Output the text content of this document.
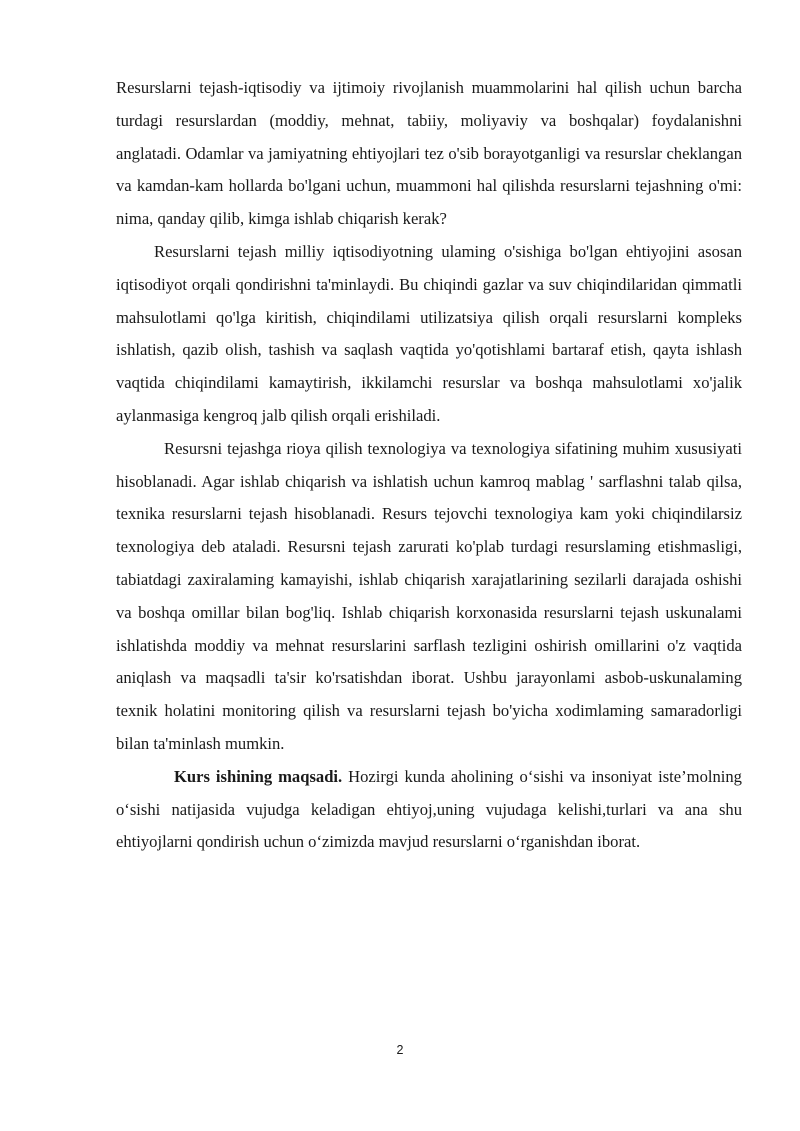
Resurslarni tejash-iqtisodiy va ijtimoiy rivojlanish muammolarini hal qilish uchun barcha turdagi resurslardan (moddiy, mehnat, tabiiy, moliyaviy va boshqalar) foydalanishni anglatadi. Odamlar va jamiyatning ehtiyojlari tez o'sib borayotganligi va resurslar cheklangan va kamdan-kam hollarda bo'lgani uchun, muammoni hal qilishda resurslarni tejashning o'mi: nima, qanday qilib, kimga ishlab chiqarish kerak?

Resurslarni tejash milliy iqtisodiyotning ulaming o'sishiga bo'lgan ehtiyojini asosan iqtisodiyot orqali qondirishni ta'minlaydi. Bu chiqindi gazlar va suv chiqindilaridan qimmatli mahsulotlami qo'lga kiritish, chiqindilami utilizatsiya qilish orqali resurslarni kompleks ishlatish, qazib olish, tashish va saqlash vaqtida yo'qotishlami bartaraf etish, qayta ishlash vaqtida chiqindilami kamaytirish, ikkilamchi resurslar va boshqa mahsulotlami xo'jalik aylanmasiga kengroq jalb qilish orqali erishiladi.

Resursni tejashga rioya qilish texnologiya va texnologiya sifatining muhim xususiyati hisoblanadi. Agar ishlab chiqarish va ishlatish uchun kamroq mablag ' sarflashni talab qilsa, texnika resurslarni tejash hisoblanadi. Resurs tejovchi texnologiya kam yoki chiqindilarsiz texnologiya deb ataladi. Resursni tejash zarurati ko'plab turdagi resurslaming etishmasligi, tabiatdagi zaxiralaming kamayishi, ishlab chiqarish xarajatlarining sezilarli darajada oshishi va boshqa omillar bilan bog'liq. Ishlab chiqarish korxonasida resurslarni tejash uskunalami ishlatishda moddiy va mehnat resurslarini sarflash tezligini oshirish omillarini o'z vaqtida aniqlash va maqsadli ta'sir ko'rsatishdan iborat. Ushbu jarayonlami asbob-uskunalaming texnik holatini monitoring qilish va resurslarni tejash bo'yicha xodimlaming samaradorligi bilan ta'minlash mumkin.

Kurs ishining maqsadi. Hozirgi kunda aholining o‘sishi va insoniyat iste’molning o‘sishi natijasida vujudga keladigan ehtiyoj,uning vujudaga kelishi,turlari va ana shu ehtiyojlarni qondirish uchun o‘zimizda mavjud resurslarni o‘rganishdan iborat.

2
